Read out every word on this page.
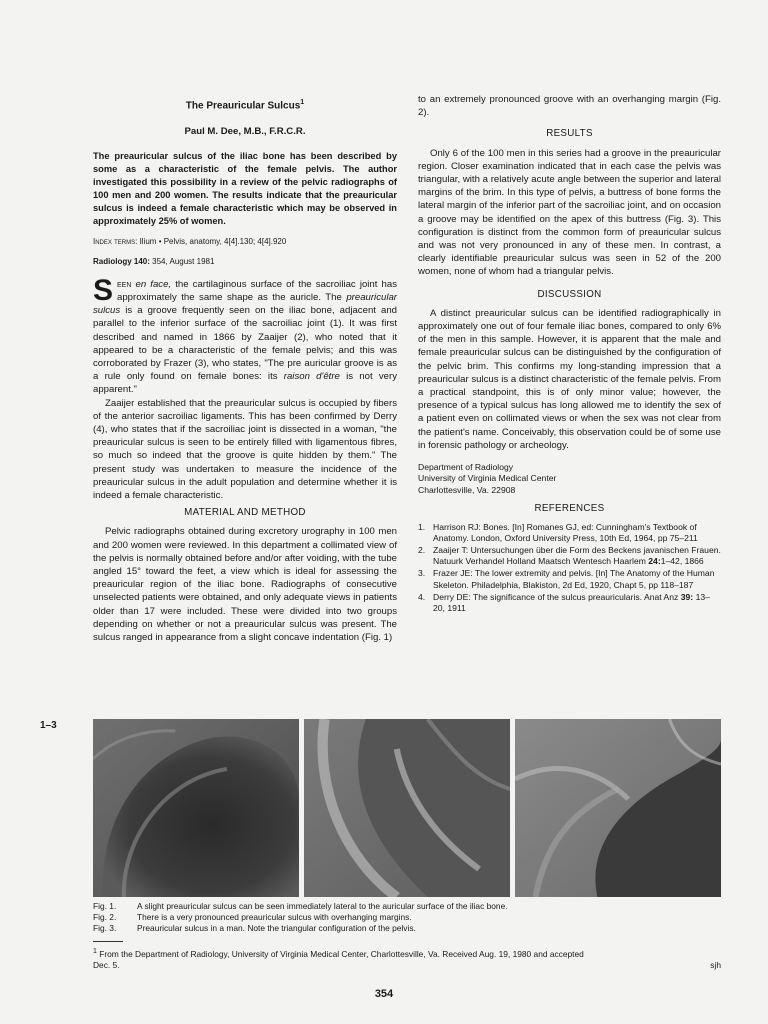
The Preauricular Sulcus$^1$
Paul M. Dee, M.B., F.R.C.R.

The preauricular sulcus of the iliac bone has been described by some as a characteristic of the female pelvis. The author investigated this possibility in a review of the pelvic radiographs of 100 men and 200 women. The results indicate that the preauricular sulcus is indeed a female characteristic which may be observed in approximately 25% of women.

Index terms: Ilium • Pelvis, anatomy, 4[4].130; 4[4].920

Radiology 140: 354, August 1981

Seen en face, the cartilaginous surface of the sacroiliac joint has approximately the same shape as the auricle. The preauricular sulcus is a groove frequently seen on the iliac bone, adjacent and parallel to the inferior surface of the sacroiliac joint (1). It was first described and named in 1866 by Zaaijer (2), who noted that it appeared to be a characteristic of the female pelvis; and this was corroborated by Frazer (3), who states, "The pre auricular groove is as a rule only found on female bones: its raison d'être is not very apparent."

Zaaijer established that the preauricular sulcus is occupied by fibers of the anterior sacroiliac ligaments. This has been confirmed by Derry (4), who states that if the sacroiliac joint is dissected in a woman, "the preauricular sulcus is seen to be entirely filled with ligamentous fibres, so much so indeed that the groove is quite hidden by them." The present study was undertaken to measure the incidence of the preauricular sulcus in the adult population and determine whether it is indeed a female characteristic.

MATERIAL AND METHOD

Pelvic radiographs obtained during excretory urography in 100 men and 200 women were reviewed. In this department a collimated view of the pelvis is normally obtained before and/or after voiding, with the tube angled 15° toward the feet, a view which is ideal for assessing the preauricular region of the iliac bone. Radiographs of consecutive unselected patients were obtained, and only adequate views in patients older than 17 were included. These were divided into two groups depending on whether or not a preauricular sulcus was present. The sulcus ranged in appearance from a slight concave indentation (Fig. 1)

to an extremely pronounced groove with an overhanging margin (Fig. 2).

RESULTS

Only 6 of the 100 men in this series had a groove in the preauricular region. Closer examination indicated that in each case the pelvis was triangular, with a relatively acute angle between the superior and lateral margins of the brim. In this type of pelvis, a buttress of bone forms the lateral margin of the inferior part of the sacroiliac joint, and on occasion a groove may be identified on the apex of this buttress (Fig. 3). This configuration is distinct from the common form of preauricular sulcus and was not very pronounced in any of these men. In contrast, a clearly identifiable preauricular sulcus was seen in 52 of the 200 women, none of whom had a triangular pelvis.

DISCUSSION

A distinct preauricular sulcus can be identified radiographically in approximately one out of four female iliac bones, compared to only 6% of the men in this sample. However, it is apparent that the male and female preauricular sulcus can be distinguished by the configuration of the pelvic brim. This confirms my long-standing impression that a preauricular sulcus is a distinct characteristic of the female pelvis. From a practical standpoint, this is of only minor value; however, the presence of a typical sulcus has long allowed me to identify the sex of a patient even on collimated views or when the sex was not clear from the patient's name. Conceivably, this observation could be of some use in forensic pathology or archeology.

Department of Radiology
University of Virginia Medical Center
Charlottesville, Va. 22908
REFERENCES
1. Harrison RJ: Bones. [In] Romanes GJ, ed: Cunningham's Textbook of Anatomy. London, Oxford University Press, 10th Ed, 1964, pp 75–211
2. Zaaijer T: Untersuchungen über die Form des Beckens javanischen Frauen. Natuurk Verhandel Holland Maatsch Wentesch Haarlem 24:1–42, 1866
3. Frazer JE: The lower extremity and pelvis. [In] The Anatomy of the Human Skeleton. Philadelphia, Blakiston, 2d Ed, 1920, Chapt 5, pp 118–187
4. Derry DE: The significance of the sulcus preauricularis. Anat Anz 39: 13–20, 1911
1–3
Fig. 1.	A slight preauricular sulcus can be seen immediately lateral to the auricular surface of the iliac bone.
Fig. 2.	There is a very pronounced preauricular sulcus with overhanging margins.
Fig. 3.	Preauricular sulcus in a man. Note the triangular configuration of the pelvis.
$^1$ From the Department of Radiology, University of Virginia Medical Center, Charlottesville, Va. Received Aug. 19, 1980 and accepted
Dec. 5.	sjh
354
